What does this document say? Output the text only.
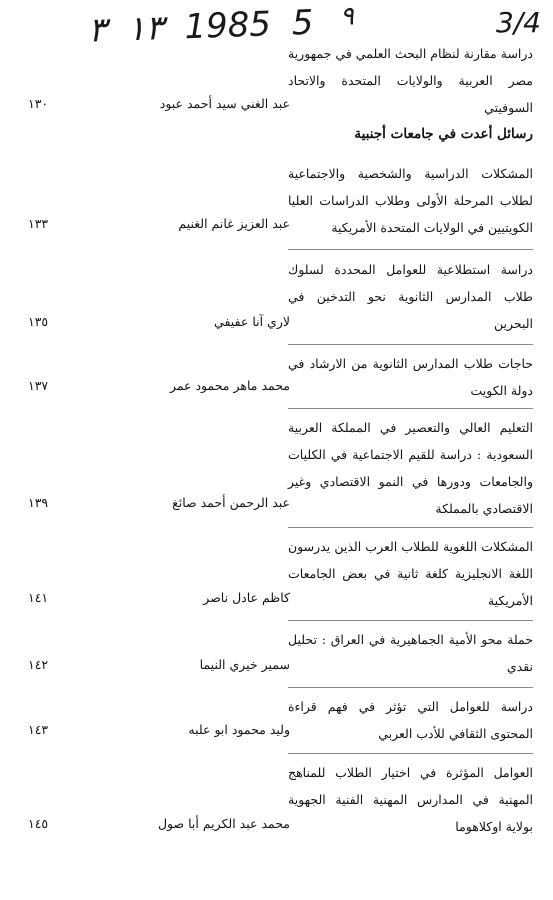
١٣ ٣ 1985 5 $^٩$	3/4
دراسة مقارنة لنظام البحث العلمي في جمهورية مصر العربية والولايات المتحدة والاتحاد السوفيتي
عبد الغني سيد أحمد عبود
١٣٠
رسائل أعدت في جامعات أجنبية
المشكلات الدراسية والشخصية والاجتماعية لطلاب المرحلة الأولى وطلاب الدراسات العليا الكويتيين في الولايات المتحدة الأمريكية
عبد العزيز غانم الغنيم
١٣٣
دراسة استطلاعية للعوامل المحددة لسلوك طلاب المدارس الثانوية نحو التدخين في البحرين
لاري آنا عفيفي
١٣٥
حاجات طلاب المدارس الثانوية من الارشاد في دولة الكويت
محمد ماهر محمود عمر
١٣٧
التعليم العالي والتعصير في المملكة العربية السعودية : دراسة للقيم الاجتماعية في الكليات والجامعات ودورها في النمو الاقتصادي وغير الاقتصادي بالمملكة
عبد الرحمن أحمد صائغ
١٣٩
المشكلات اللغوية للطلاب العرب الذين يدرسون اللغة الانجليزية كلغة ثانية في بعض الجامعات الأمريكية
كاظم عادل ناصر
١٤١
حملة محو الأمية الجماهيرية في العراق : تحليل نقدي
سمير خيري النيما
١٤٢
دراسة للعوامل التي تؤثر في فهم قراءة المحتوى الثقافي للأدب العربي
وليد محمود ابو علبه
١٤٣
العوامل المؤثرة في اختيار الطلاب للمناهج المهنية في المدارس المهنية الفنية الجهوية بولاية اوكلاهوما
محمد عبد الكريم أبا صول
١٤٥
